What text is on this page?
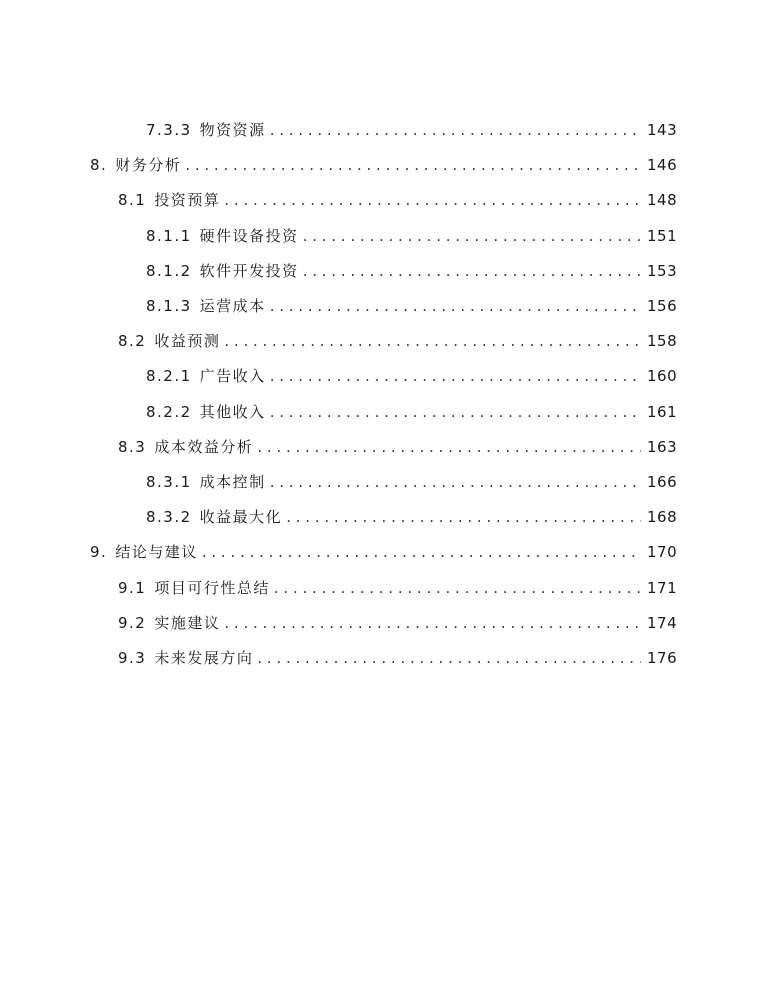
7.3.3 物资资源 . . .	143
8. 财务分析 . . .	146
8.1 投资预算 . . .	148
8.1.1 硬件设备投资 . . .	151
8.1.2 软件开发投资 . . .	153
8.1.3 运营成本 . . .	156
8.2 收益预测 . . .	158
8.2.1 广告收入 . . .	160
8.2.2 其他收入 . . .	161
8.3 成本效益分析 . . .	163
8.3.1 成本控制 . . .	166
8.3.2 收益最大化 . . .	168
9. 结论与建议 . . .	170
9.1 项目可行性总结 . . .	171
9.2 实施建议 . . .	174
9.3 未来发展方向 . . .	176
